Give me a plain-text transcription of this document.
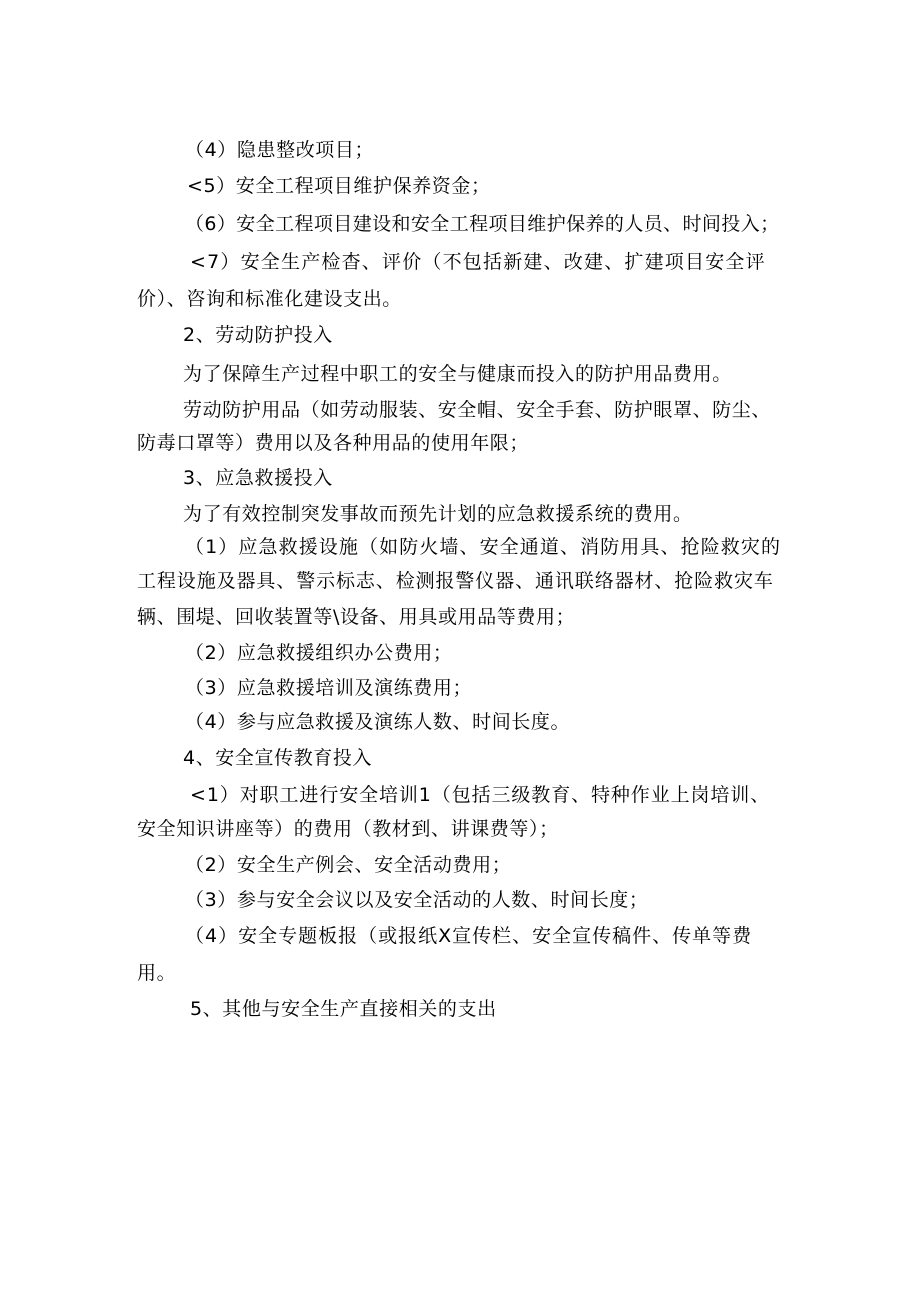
（4）隐患整改项目；

<5）安全工程项目维护保养资金；

（6）安全工程项目建设和安全工程项目维护保养的人员、时间投入；

<7）安全生产检杳、评价（不包括新建、改建、扩建项目安全评

价）、咨询和标准化建设支出。

2、劳动防护投入

为了保障生产过程中职工的安全与健康而投入的防护用品费用。

劳动防护用品（如劳动服装、安全帽、安全手套、防护眼罩、防尘、

防毒口罩等）费用以及各种用品的使用年限；

3、应急救援投入

为了有效控制突发事故而预先计划的应急救援系统的费用。

（1）应急救援设施（如防火墙、安全通道、消防用具、抢险救灾的

工程设施及器具、警示标志、检测报警仪器、通讯联络器材、抢险救灾车

辆、围堤、回收装置等\设备、用具或用品等费用；

（2）应急救援组织办公费用；

（3）应急救援培训及演练费用；

（4）参与应急救援及演练人数、时间长度。

4、安全宣传教育投入

<1）对职工进行安全培训1（包括三级教育、特种作业上岗培训、

安全知识讲座等）的费用（教材到、讲课费等）；

（2）安全生产例会、安全活动费用；

（3）参与安全会议以及安全活动的人数、时间长度；

（4）安全专题板报（或报纸X宣传栏、安全宣传稿件、传单等费

用。

5、其他与安全生产直接相关的支出
